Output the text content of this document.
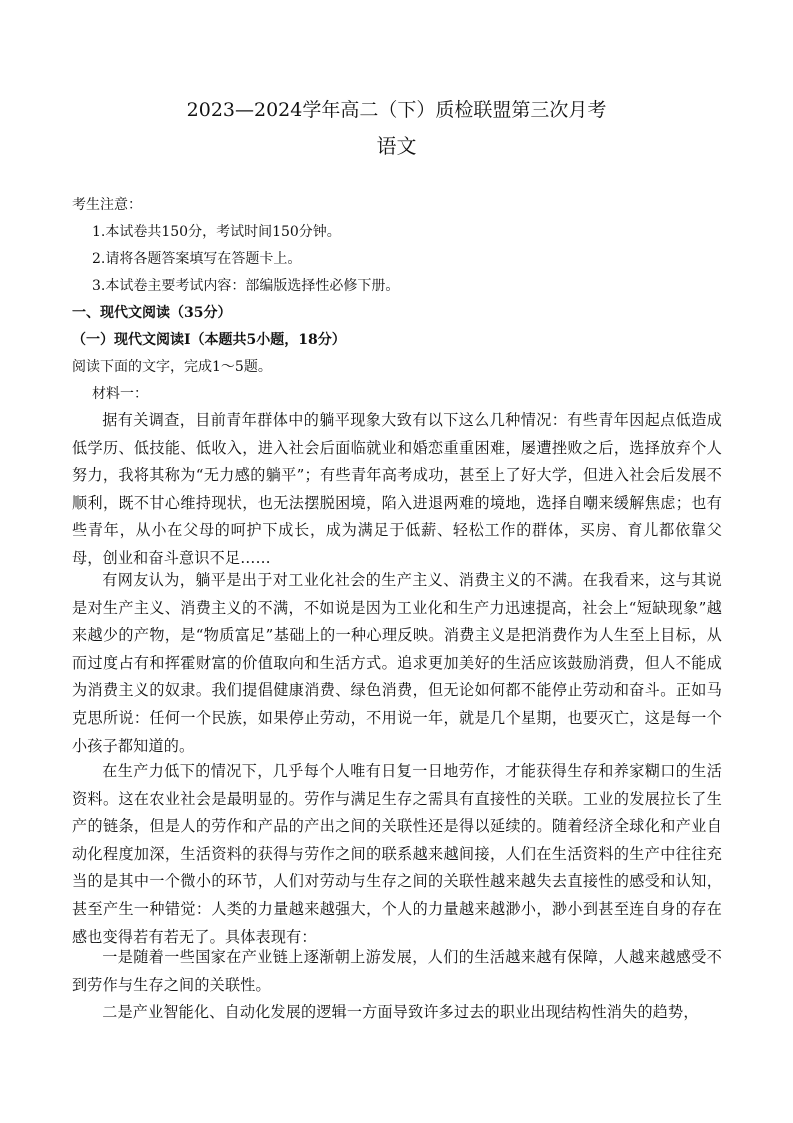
2023—2024学年高二（下）质检联盟第三次月考
语文

考生注意：

1.本试卷共150分，考试时间150分钟。

2.请将各题答案填写在答题卡上。

3.本试卷主要考试内容：部编版选择性必修下册。

一、现代文阅读（35分）

（一）现代文阅读Ⅰ（本题共5小题，18分）

阅读下面的文字，完成1～5题。

材料一：

据有关调查，目前青年群体中的躺平现象大致有以下这么几种情况：有些青年因起点低造成低学历、低技能、低收入，进入社会后面临就业和婚恋重重困难，屡遭挫败之后，选择放弃个人努力，我将其称为“无力感的躺平”；有些青年高考成功，甚至上了好大学，但进入社会后发展不顺利，既不甘心维持现状，也无法摆脱困境，陷入进退两难的境地，选择自嘲来缓解焦虑；也有些青年，从小在父母的呵护下成长，成为满足于低薪、轻松工作的群体，买房、育儿都依靠父母，创业和奋斗意识不足……

有网友认为，躺平是出于对工业化社会的生产主义、消费主义的不满。在我看来，这与其说是对生产主义、消费主义的不满，不如说是因为工业化和生产力迅速提高，社会上“短缺现象”越来越少的产物，是“物质富足”基础上的一种心理反映。消费主义是把消费作为人生至上目标，从而过度占有和挥霍财富的价值取向和生活方式。追求更加美好的生活应该鼓励消费，但人不能成为消费主义的奴隶。我们提倡健康消费、绿色消费，但无论如何都不能停止劳动和奋斗。正如马克思所说：任何一个民族，如果停止劳动，不用说一年，就是几个星期，也要灭亡，这是每一个小孩子都知道的。

在生产力低下的情况下，几乎每个人唯有日复一日地劳作，才能获得生存和养家糊口的生活资料。这在农业社会是最明显的。劳作与满足生存之需具有直接性的关联。工业的发展拉长了生产的链条，但是人的劳作和产品的产出之间的关联性还是得以延续的。随着经济全球化和产业自动化程度加深，生活资料的获得与劳作之间的联系越来越间接，人们在生活资料的生产中往往充当的是其中一个微小的环节，人们对劳动与生存之间的关联性越来越失去直接性的感受和认知，甚至产生一种错觉：人类的力量越来越强大，个人的力量越来越渺小，渺小到甚至连自身的存在感也变得若有若无了。具体表现有：

一是随着一些国家在产业链上逐渐朝上游发展，人们的生活越来越有保障，人越来越感受不到劳作与生存之间的关联性。

二是产业智能化、自动化发展的逻辑一方面导致许多过去的职业出现结构性消失的趋势，
